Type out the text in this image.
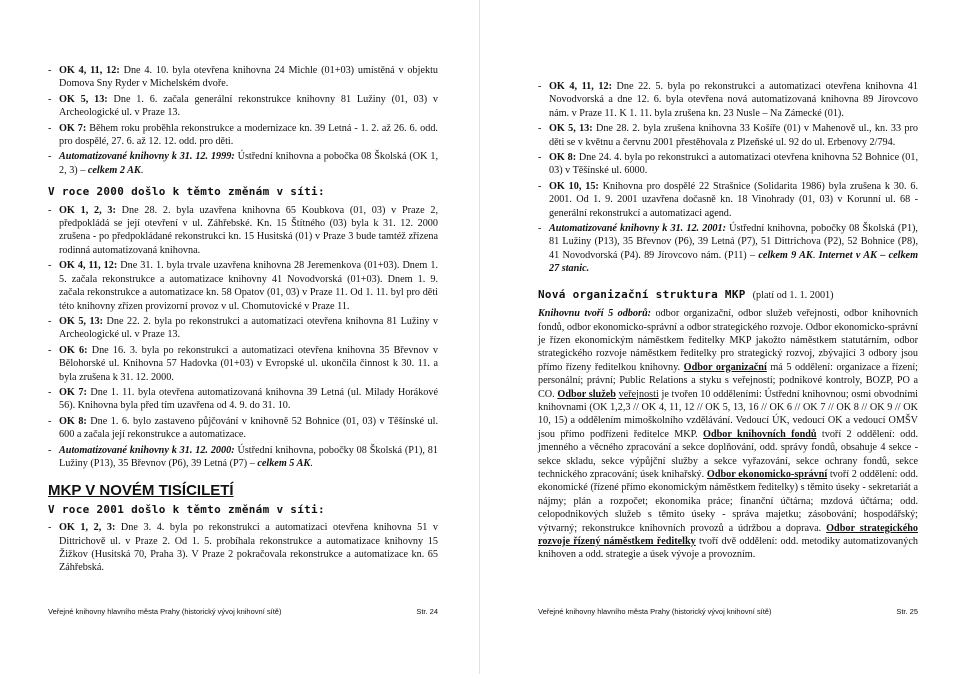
- OK 4, 11, 12: Dne 4. 10. byla otevřena knihovna 24 Michle (01+03) umístěná v objektu Domova Sny Ryder v Michelském dvoře.
- OK 5, 13: Dne 1. 6. začala generální rekonstrukce knihovny 81 Lužiny (01, 03) v Archeologické ul. v Praze 13.
- OK 7: Během roku proběhla rekonstrukce a modernizace kn. 39 Letná - 1. 2. až 26. 6. odd. pro dospělé, 27. 6. až 12. 12. odd. pro děti.
- Automatizované knihovny k 31. 12. 1999: Ústřední knihovna a pobočka 08 Školská (OK 1, 2, 3) – celkem 2 AK.
V roce 2000 došlo k těmto změnám v síti:
- OK 1, 2, 3: Dne 28. 2. byla uzavřena knihovna 65 Koubkova (01, 03) v Praze 2, předpokládá se její otevření v ul. Záhřebské. Kn. 15 Štítného (03) byla k 31. 12. 2000 zrušena - po předpokládané rekonstrukci kn. 15 Husitská (01) v Praze 3 bude tamtéž zřízena rodinná automatizovaná knihovna.
- OK 4, 11, 12: Dne 31. 1. byla trvale uzavřena knihovna 28 Jeremenkova (01+03). Dnem 1. 5. začala rekonstrukce a automatizace knihovny 41 Novodvorská (01+03). Dnem 1. 9. začala rekonstrukce a automatizace kn. 58 Opatov (01, 03) v Praze 11. Od 1. 11. byl pro děti této knihovny zřízen provizorní provoz v ul. Chomutovické v Praze 11.
- OK 5, 13: Dne 22. 2. byla po rekonstrukci a automatizaci otevřena knihovna 81 Lužiny v Archeologické ul. v Praze 13.
- OK 6: Dne 16. 3. byla po rekonstrukci a automatizaci otevřena knihovna 35 Břevnov v Bělohorské ul. Knihovna 57 Hadovka (01+03) v Evropské ul. ukončila činnost k 30. 11. a byla zrušena k 31. 12. 2000.
- OK 7: Dne 1. 11. byla otevřena automatizovaná knihovna 39 Letná (ul. Milady Horákové 56). Knihovna byla před tím uzavřena od 4. 9. do 31. 10.
- OK 8: Dne 1. 6. bylo zastaveno půjčování v knihovně 52 Bohnice (01, 03) v Těšínské ul. 600 a začala její rekonstrukce a automatizace.
- Automatizované knihovny k 31. 12. 2000: Ústřední knihovna, pobočky 08 Školská (P1), 81 Lužiny (P13), 35 Břevnov (P6), 39 Letná (P7) – celkem 5 AK.
MKP V NOVÉM TISÍCILETÍ
V roce 2001 došlo k těmto změnám v síti:
- OK 1, 2, 3: Dne 3. 4. byla po rekonstrukci a automatizaci otevřena knihovna 51 v Dittrichově ul. v Praze 2. Od 1. 5. probíhala rekonstrukce a automatizace knihovny 15 Žižkov (Husitská 70, Praha 3). V Praze 2 pokračovala rekonstrukce a automatizace kn. 65 Záhřebská.
Veřejné knihovny hlavního města Prahy (historický vývoj knihovní sítě)	Str. 24
- OK 4, 11, 12: Dne 22. 5. byla po rekonstrukci a automatizaci otevřena knihovna 41 Novodvorská a dne 12. 6. byla otevřena nová automatizovaná knihovna 89 Jírovcovo nám. v Praze 11. K 1. 11. byla zrušena kn. 23 Nusle – Na Zámecké (01).
- OK 5, 13: Dne 28. 2. byla zrušena knihovna 33 Košíře (01) v Mahenově ul., kn. 33 pro děti se v květnu a červnu 2001 přestěhovala z Plzeňské ul. 92 do ul. Erbenovy 2/794.
- OK 8: Dne 24. 4. byla po rekonstrukci a automatizaci otevřena knihovna 52 Bohnice (01, 03) v Těšínské ul. 6000.
- OK 10, 15: Knihovna pro dospělé 22 Strašnice (Solidarita 1986) byla zrušena k 30. 6. 2001. Od 1. 9. 2001 uzavřena dočasně kn. 18 Vinohrady (01, 03) v Korunní ul. 68 - generální rekonstrukcí a automatizaci agend.
- Automatizované knihovny k 31. 12. 2001: Ústřední knihovna, pobočky 08 Školská (P1), 81 Lužiny (P13), 35 Břevnov (P6), 39 Letná (P7), 51 Dittrichova (P2), 52 Bohnice (P8), 41 Novodvorská (P4). 89 Jírovcovo nám. (P11) – celkem 9 AK. Internet v AK – celkem 27 stanic.
Nová organizační struktura MKP (platí od 1. 1. 2001)
Knihovnu tvoří 5 odborů: odbor organizační, odbor služeb veřejnosti, odbor knihovních fondů, odbor ekonomicko-správní a odbor strategického rozvoje. Odbor ekonomicko-správní je řízen ekonomickým náměstkem ředitelky MKP jakožto náměstkem statutárním, odbor strategického rozvoje náměstkem ředitelky pro strategický rozvoj, zbývající 3 odbory jsou přímo řízeny ředitelkou knihovny. Odbor organizační má 5 oddělení: organizace a řízení; personální; právní; Public Relations a styku s veřejností; podnikové kontroly, BOZP, PO a CO. Odbor služeb veřejnosti je tvořen 10 odděleními: Ústřední knihovnou; osmi obvodními knihovnami (OK 1,2,3 // OK 4, 11, 12 // OK 5, 13, 16 // OK 6 // OK 7 // OK 8 // OK 9 // OK 10, 15) a oddělením mimoškolního vzdělávání. Vedoucí ÚK, vedoucí OK a vedoucí OMŠV jsou přímo podřízeni ředitelce MKP. Odbor knihovních fondů tvoří 2 oddělení: odd. jmenného a věcného zpracování a sekce doplňování, odd. správy fondů, obsahuje 4 sekce - sekce skladu, sekce výpůjční služby a sekce vyřazování, sekce ochrany fondů, sekce technického zpracování; úsek knihařský. Odbor ekonomicko-správní tvoří 2 oddělení: odd. ekonomické (řízené přímo ekonomickým náměstkem ředitelky) s těmito úseky - sekretariát a nájmy; plán a rozpočet; ekonomika práce; finanční účtárna; mzdová účtárna; odd. celopodnikových služeb s těmito úseky - správa majetku; zásobování; hospodářský; výtvarný; rekonstrukce knihovních provozů a údržbou a doprava. Odbor strategického rozvoje řízený náměstkem ředitelky tvoří dvě oddělení: odd. metodiky automatizovaných knihoven a odd. strategie a úsek vývoje a provozním.
Veřejné knihovny hlavního města Prahy (historický vývoj knihovní sítě)	Str. 25
